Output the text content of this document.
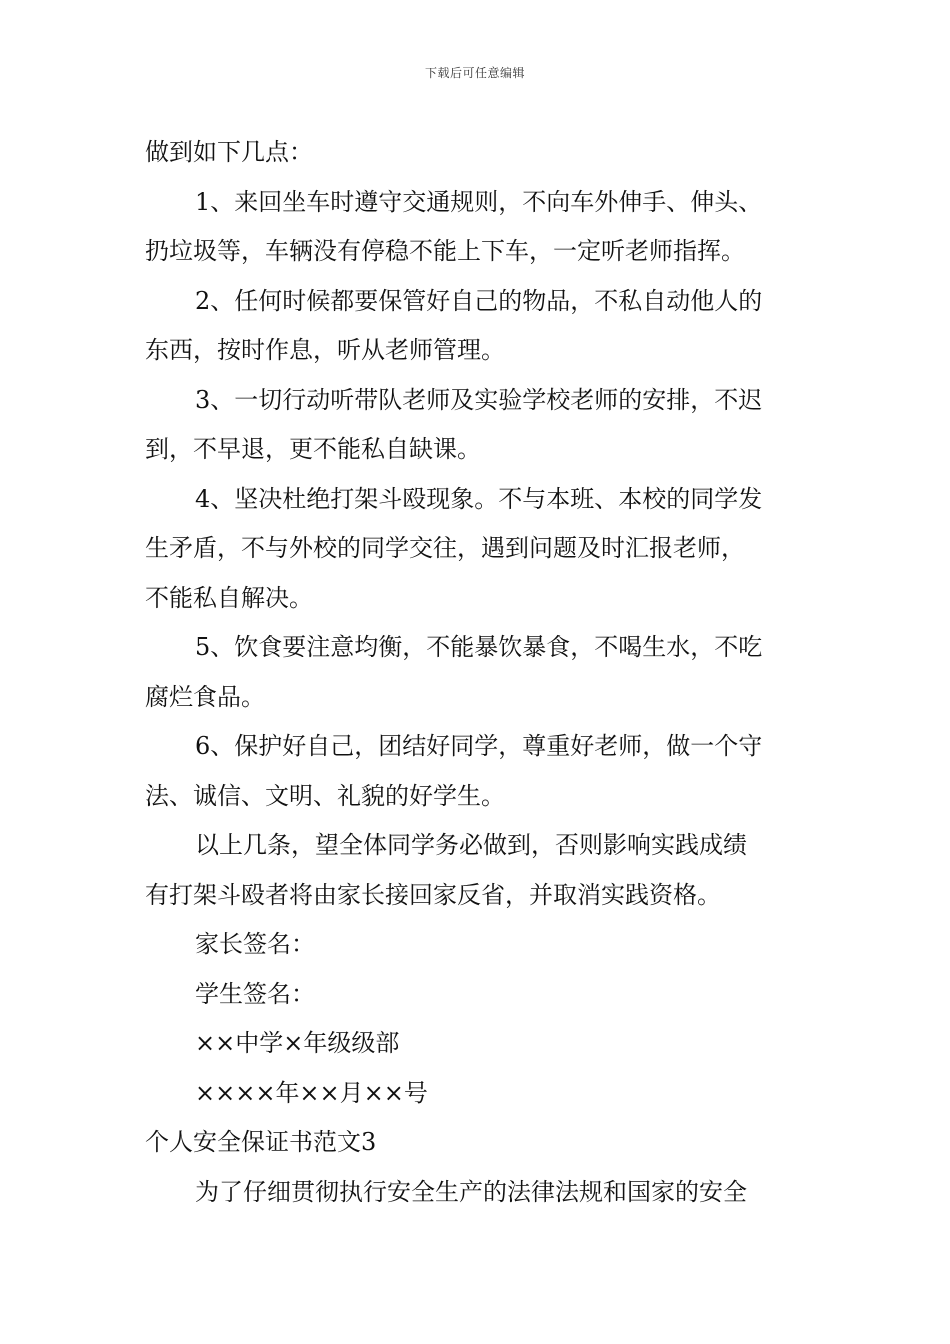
下载后可任意编辑
做到如下几点：
1、来回坐车时遵守交通规则，不向车外伸手、伸头、
扔垃圾等，车辆没有停稳不能上下车，一定听老师指挥。
2、任何时候都要保管好自己的物品，不私自动他人的
东西，按时作息，听从老师管理。
3、一切行动听带队老师及实验学校老师的安排，不迟
到，不早退，更不能私自缺课。
4、坚决杜绝打架斗殴现象。不与本班、本校的同学发
生矛盾，不与外校的同学交往，遇到问题及时汇报老师，
不能私自解决。
5、饮食要注意均衡，不能暴饮暴食，不喝生水，不吃
腐烂食品。
6、保护好自己，团结好同学，尊重好老师，做一个守
法、诚信、文明、礼貌的好学生。
以上几条，望全体同学务必做到，否则影响实践成绩
有打架斗殴者将由家长接回家反省，并取消实践资格。
家长签名：
学生签名：
××中学×年级级部
××××年××月××号
个人安全保证书范文3
为了仔细贯彻执行安全生产的法律法规和国家的安全
